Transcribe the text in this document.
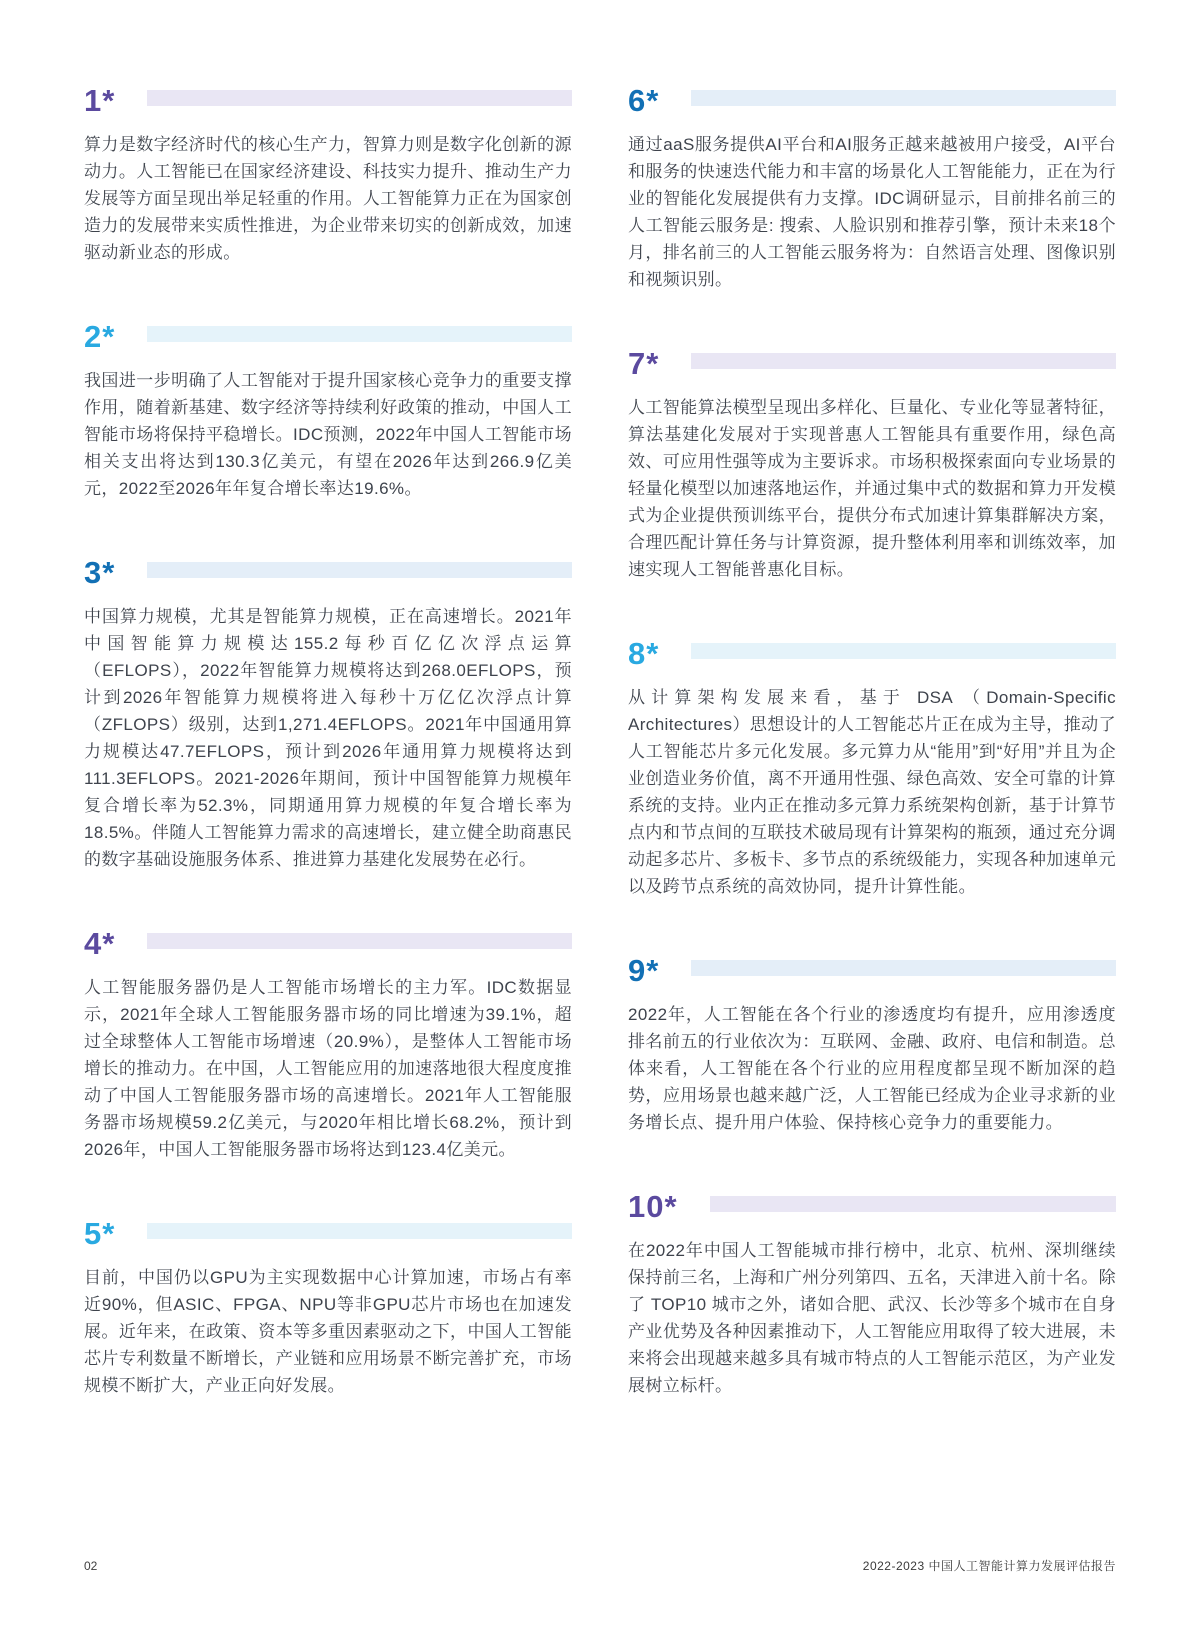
1*

算力是数字经济时代的核心生产力，智算力则是数字化创新的源动力。人工智能已在国家经济建设、科技实力提升、推动生产力发展等方面呈现出举足轻重的作用。人工智能算力正在为国家创造力的发展带来实质性推进，为企业带来切实的创新成效，加速驱动新业态的形成。

2*

我国进一步明确了人工智能对于提升国家核心竞争力的重要支撑作用，随着新基建、数字经济等持续利好政策的推动，中国人工智能市场将保持平稳增长。IDC预测，2022年中国人工智能市场相关支出将达到130.3亿美元，有望在2026年达到266.9亿美元，2022至2026年年复合增长率达19.6%。

3*

中国算力规模，尤其是智能算力规模，正在高速增长。2021年中国智能算力规模达155.2每秒百亿亿次浮点运算（EFLOPS），2022年智能算力规模将达到268.0EFLOPS，预计到2026年智能算力规模将进入每秒十万亿亿次浮点计算（ZFLOPS）级别，达到1,271.4EFLOPS。2021年中国通用算力规模达47.7EFLOPS，预计到2026年通用算力规模将达到111.3EFLOPS。2021-2026年期间，预计中国智能算力规模年复合增长率为52.3%，同期通用算力规模的年复合增长率为18.5%。伴随人工智能算力需求的高速增长，建立健全助商惠民的数字基础设施服务体系、推进算力基建化发展势在必行。

4*

人工智能服务器仍是人工智能市场增长的主力军。IDC数据显示，2021年全球人工智能服务器市场的同比增速为39.1%，超过全球整体人工智能市场增速（20.9%），是整体人工智能市场增长的推动力。在中国，人工智能应用的加速落地很大程度度推动了中国人工智能服务器市场的高速增长。2021年人工智能服务器市场规模59.2亿美元，与2020年相比增长68.2%，预计到2026年，中国人工智能服务器市场将达到123.4亿美元。

5*

目前，中国仍以GPU为主实现数据中心计算加速，市场占有率近90%，但ASIC、FPGA、NPU等非GPU芯片市场也在加速发展。近年来，在政策、资本等多重因素驱动之下，中国人工智能芯片专利数量不断增长，产业链和应用场景不断完善扩充，市场规模不断扩大，产业正向好发展。

6*

通过aaS服务提供AI平台和AI服务正越来越被用户接受，AI平台和服务的快速迭代能力和丰富的场景化人工智能能力，正在为行业的智能化发展提供有力支撑。IDC调研显示，目前排名前三的人工智能云服务是: 搜索、人脸识别和推荐引擎，预计未来18个月，排名前三的人工智能云服务将为：自然语言处理、图像识别和视频识别。

7*

人工智能算法模型呈现出多样化、巨量化、专业化等显著特征，算法基建化发展对于实现普惠人工智能具有重要作用，绿色高效、可应用性强等成为主要诉求。市场积极探索面向专业场景的轻量化模型以加速落地运作，并通过集中式的数据和算力开发模式为企业提供预训练平台，提供分布式加速计算集群解决方案，合理匹配计算任务与计算资源，提升整体利用率和训练效率，加速实现人工智能普惠化目标。

8*

从计算架构发展来看，基于 DSA （Domain-Specific Architectures）思想设计的人工智能芯片正在成为主导，推动了人工智能芯片多元化发展。多元算力从“能用”到“好用”并且为企业创造业务价值，离不开通用性强、绿色高效、安全可靠的计算系统的支持。业内正在推动多元算力系统架构创新，基于计算节点内和节点间的互联技术破局现有计算架构的瓶颈，通过充分调动起多芯片、多板卡、多节点的系统级能力，实现各种加速单元以及跨节点系统的高效协同，提升计算性能。

9*

2022年，人工智能在各个行业的渗透度均有提升，应用渗透度排名前五的行业依次为：互联网、金融、政府、电信和制造。总体来看，人工智能在各个行业的应用程度都呈现不断加深的趋势，应用场景也越来越广泛，人工智能已经成为企业寻求新的业务增长点、提升用户体验、保持核心竞争力的重要能力。

10*

在2022年中国人工智能城市排行榜中，北京、杭州、深圳继续保持前三名，上海和广州分列第四、五名，天津进入前十名。除了 TOP10 城市之外，诸如合肥、武汉、长沙等多个城市在自身产业优势及各种因素推动下，人工智能应用取得了较大进展，未来将会出现越来越多具有城市特点的人工智能示范区，为产业发展树立标杆。

02	2022-2023 中国人工智能计算力发展评估报告
